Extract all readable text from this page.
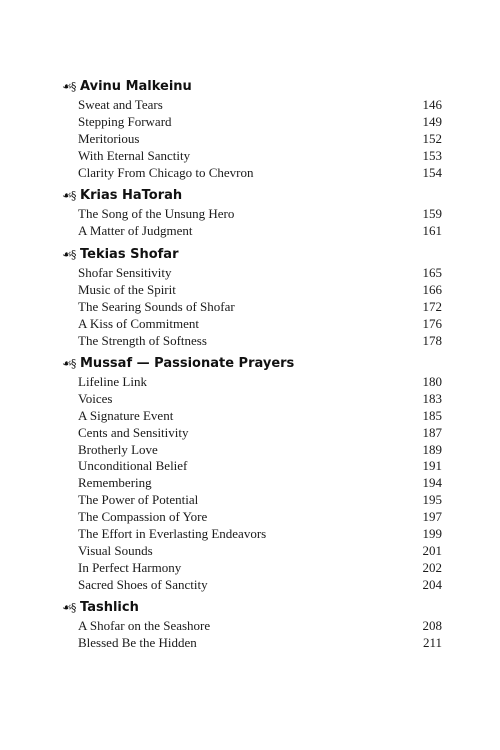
☙§ Avinu Malkeinu
Sweat and Tears	146
Stepping Forward	149
Meritorious	152
With Eternal Sanctity	153
Clarity From Chicago to Chevron	154
☙§ Krias HaTorah
The Song of the Unsung Hero	159
A Matter of Judgment	161
☙§ Tekias Shofar
Shofar Sensitivity	165
Music of the Spirit	166
The Searing Sounds of Shofar	172
A Kiss of Commitment	176
The Strength of Softness	178
☙§ Mussaf — Passionate Prayers
Lifeline Link	180
Voices	183
A Signature Event	185
Cents and Sensitivity	187
Brotherly Love	189
Unconditional Belief	191
Remembering	194
The Power of Potential	195
The Compassion of Yore	197
The Effort in Everlasting Endeavors	199
Visual Sounds	201
In Perfect Harmony	202
Sacred Shoes of Sanctity	204
☙§ Tashlich
A Shofar on the Seashore	208
Blessed Be the Hidden	211
